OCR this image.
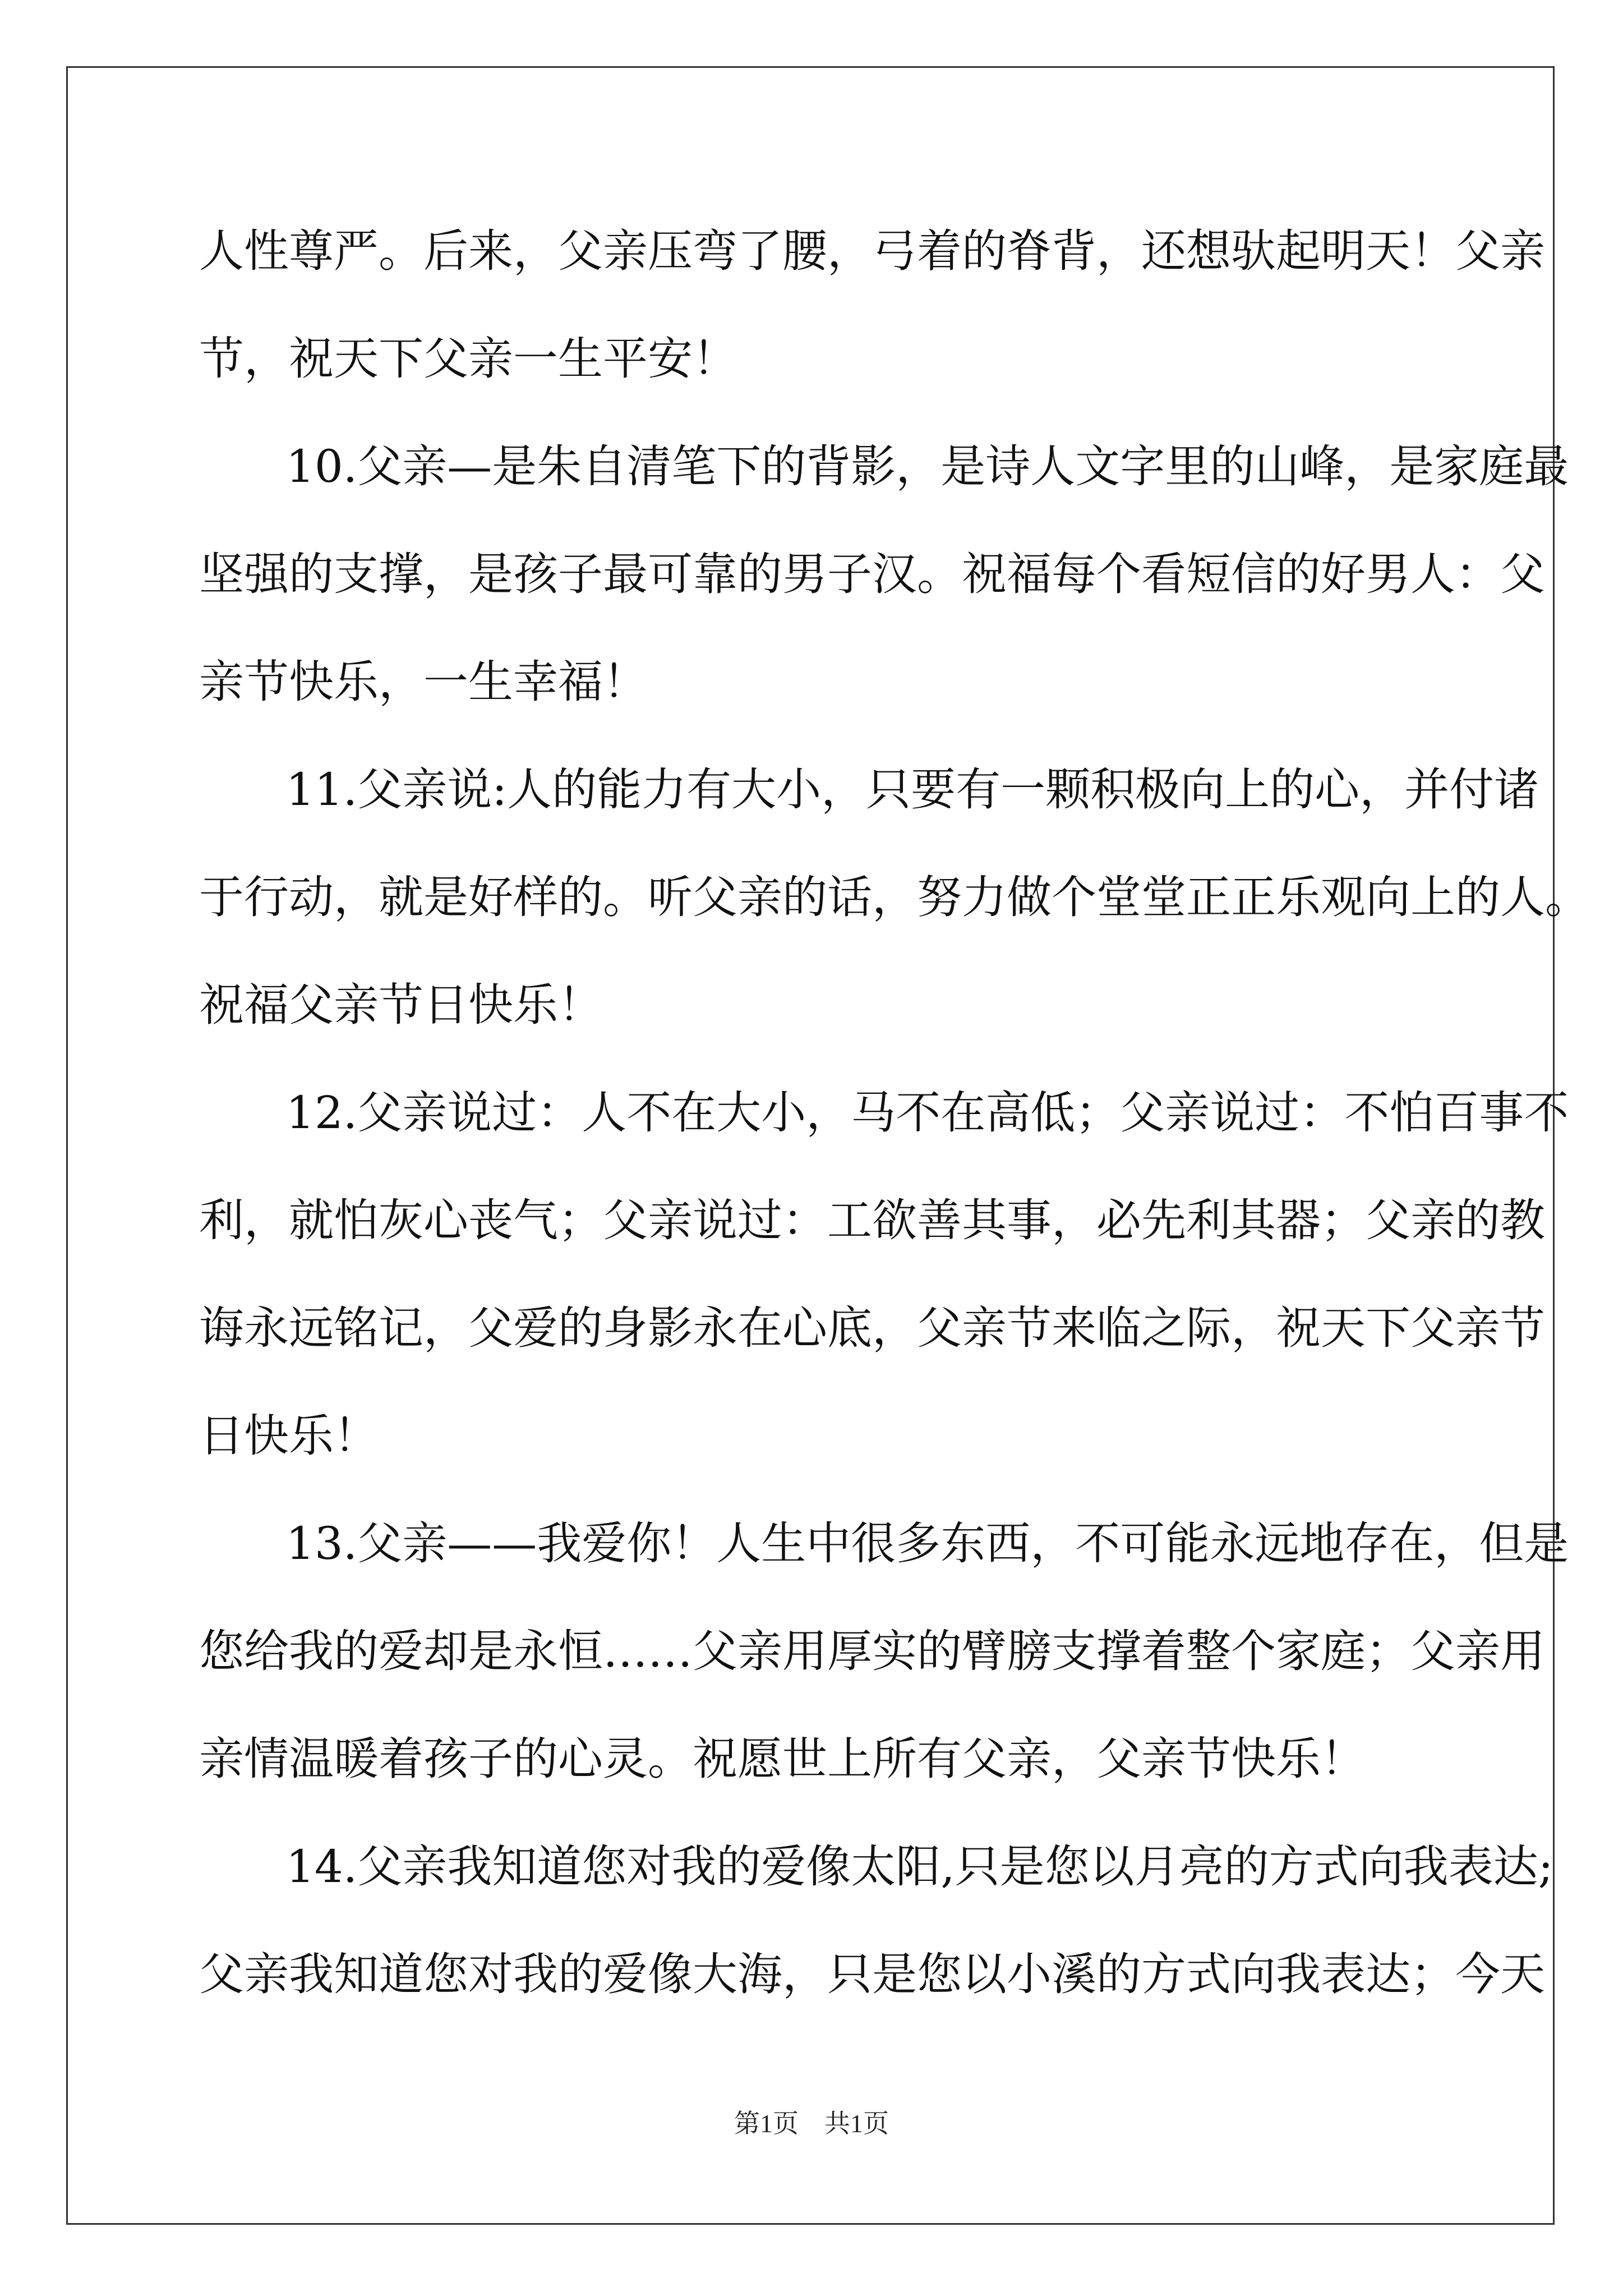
人性尊严。后来，父亲压弯了腰，弓着的脊背，还想驮起明天！父亲
节，祝天下父亲一生平安！
10.父亲—是朱自清笔下的背影，是诗人文字里的山峰，是家庭最
坚强的支撑，是孩子最可靠的男子汉。祝福每个看短信的好男人：父
亲节快乐，一生幸福！
11.父亲说:人的能力有大小，只要有一颗积极向上的心，并付诸
于行动，就是好样的。听父亲的话，努力做个堂堂正正乐观向上的人。
祝福父亲节日快乐！
12.父亲说过：人不在大小，马不在高低；父亲说过：不怕百事不
利，就怕灰心丧气；父亲说过：工欲善其事，必先利其器；父亲的教
诲永远铭记，父爱的身影永在心底，父亲节来临之际，祝天下父亲节
日快乐！
13.父亲——我爱你！人生中很多东西，不可能永远地存在，但是
您给我的爱却是永恒……父亲用厚实的臂膀支撑着整个家庭；父亲用
亲情温暖着孩子的心灵。祝愿世上所有父亲，父亲节快乐！
14.父亲我知道您对我的爱像太阳,只是您以月亮的方式向我表达;
父亲我知道您对我的爱像大海，只是您以小溪的方式向我表达；今天
第1页　共1页
